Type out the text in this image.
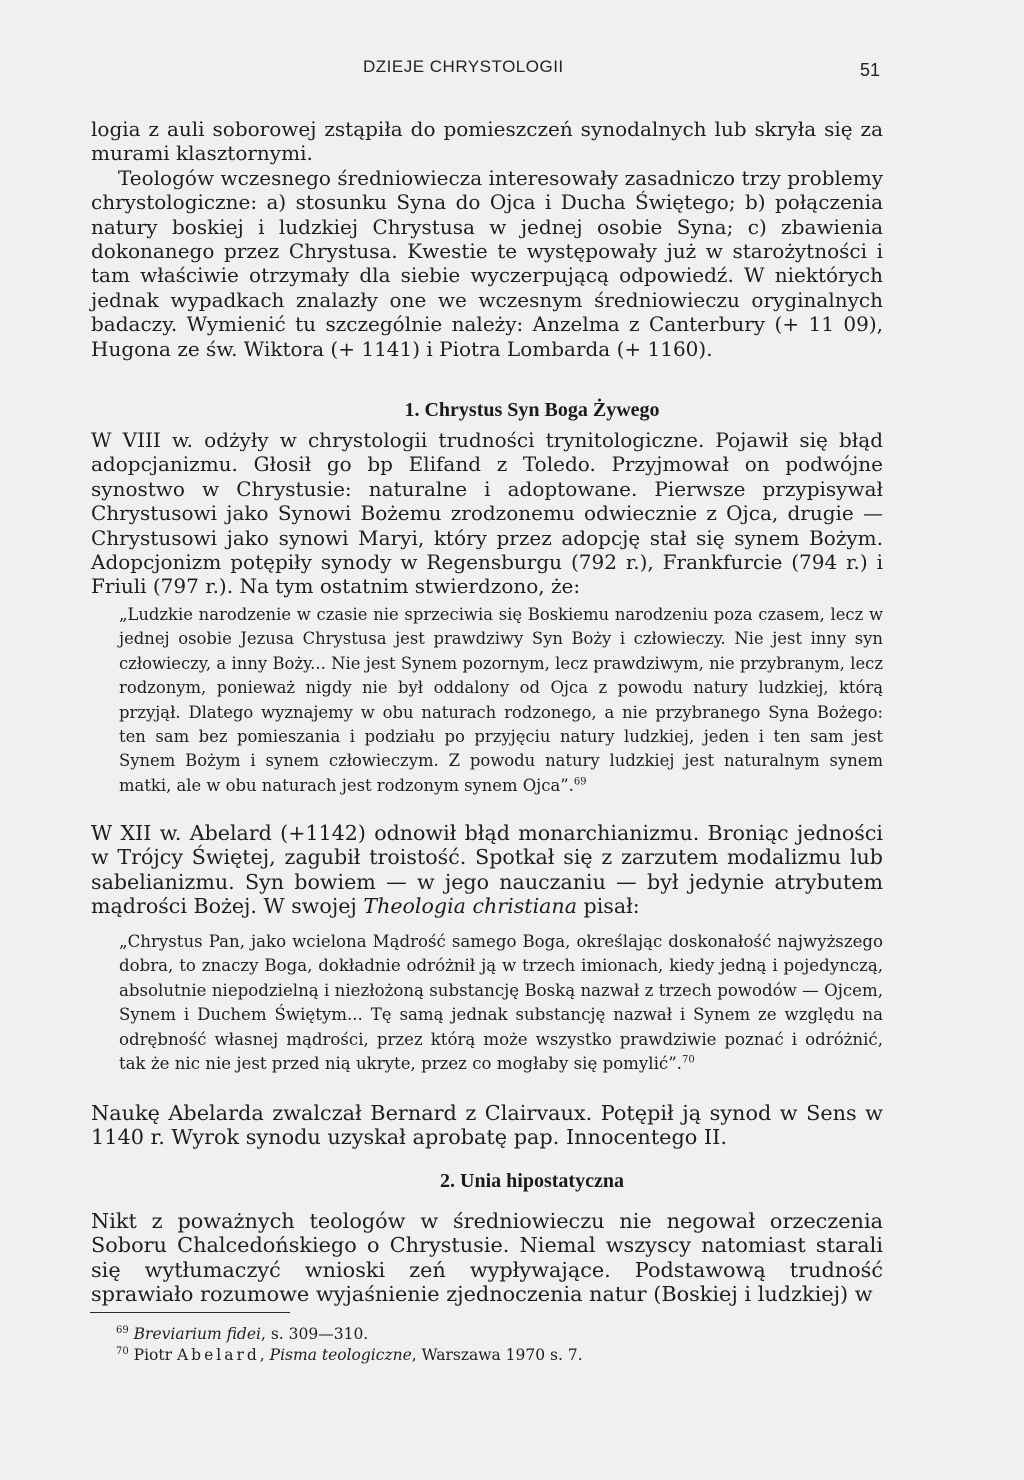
DZIEJE CHRYSTOLOGII	51

logia z auli soborowej zstąpiła do pomieszczeń synodalnych lub skryła się za murami klasztornymi.

Teologów wczesnego średniowiecza interesowały zasadniczo trzy problemy chrystologiczne: a) stosunku Syna do Ojca i Ducha Świętego; b) połączenia natury boskiej i ludzkiej Chrystusa w jednej osobie Syna; c) zbawienia dokonanego przez Chrystusa. Kwestie te występowały już w starożytności i tam właściwie otrzymały dla siebie wyczerpującą odpowiedź. W niektórych jednak wypadkach znalazły one we wczesnym średniowieczu oryginalnych badaczy. Wymienić tu szczególnie należy: Anzelma z Canterbury (+ 11 09), Hugona ze św. Wiktora (+ 1141) i Piotra Lombarda (+ 1160).

1. Chrystus Syn Boga Żywego

W VIII w. odżyły w chrystologii trudności trynitologiczne. Pojawił się błąd adopcjanizmu. Głosił go bp Elifand z Toledo. Przyjmował on podwójne synostwo w Chrystusie: naturalne i adoptowane. Pierwsze przypisywał Chrystusowi jako Synowi Bożemu zrodzonemu odwiecznie z Ojca, drugie — Chrystusowi jako synowi Maryi, który przez adopcję stał się synem Bożym. Adopcjonizm potępiły synody w Regensburgu (792 r.), Frankfurcie (794 r.) i Friuli (797 r.). Na tym ostatnim stwierdzono, że:

„Ludzkie narodzenie w czasie nie sprzeciwia się Boskiemu narodzeniu poza czasem, lecz w jednej osobie Jezusa Chrystusa jest prawdziwy Syn Boży i człowieczy. Nie jest inny syn człowieczy, a inny Boży... Nie jest Synem pozornym, lecz prawdziwym, nie przybranym, lecz rodzonym, ponieważ nigdy nie był oddalony od Ojca z powodu natury ludzkiej, którą przyjął. Dlatego wyznajemy w obu naturach rodzonego, a nie przybranego Syna Bożego: ten sam bez pomieszania i podziału po przyjęciu natury ludzkiej, jeden i ten sam jest Synem Bożym i synem człowieczym. Z powodu natury ludzkiej jest naturalnym synem matki, ale w obu naturach jest rodzonym synem Ojca”.$^{69}$

W XII w. Abelard (+1142) odnowił błąd monarchianizmu. Broniąc jedności w Trójcy Świętej, zagubił troistość. Spotkał się z zarzutem modalizmu lub sabelianizmu. Syn bowiem — w jego nauczaniu — był jedynie atrybutem mądrości Bożej. W swojej Theologia christiana pisał:

„Chrystus Pan, jako wcielona Mądrość samego Boga, określając doskonałość najwyższego dobra, to znaczy Boga, dokładnie odróżnił ją w trzech imionach, kiedy jedną i pojedynczą, absolutnie niepodzielną i niezłożoną substancję Boską nazwał z trzech powodów — Ojcem, Synem i Duchem Świętym... Tę samą jednak substancję nazwał i Synem ze względu na odrębność własnej mądrości, przez którą może wszystko prawdziwie poznać i odróżnić, tak że nic nie jest przed nią ukryte, przez co mogłaby się pomylić”.$^{70}$

Naukę Abelarda zwalczał Bernard z Clairvaux. Potępił ją synod w Sens w 1140 r. Wyrok synodu uzyskał aprobatę pap. Innocentego II.

2. Unia hipostatyczna

Nikt z poważnych teologów w średniowieczu nie negował orzeczenia Soboru Chalcedońskiego o Chrystusie. Niemal wszyscy natomiast starali się wytłumaczyć wnioski zeń wypływające. Podstawową trudność sprawiało rozumowe wyjaśnienie zjednoczenia natur (Boskiej i ludzkiej) w

$^{69}$ Breviarium fidei, s. 309—310.

$^{70}$ Piotr Abelard, Pisma teologiczne, Warszawa 1970 s. 7.
